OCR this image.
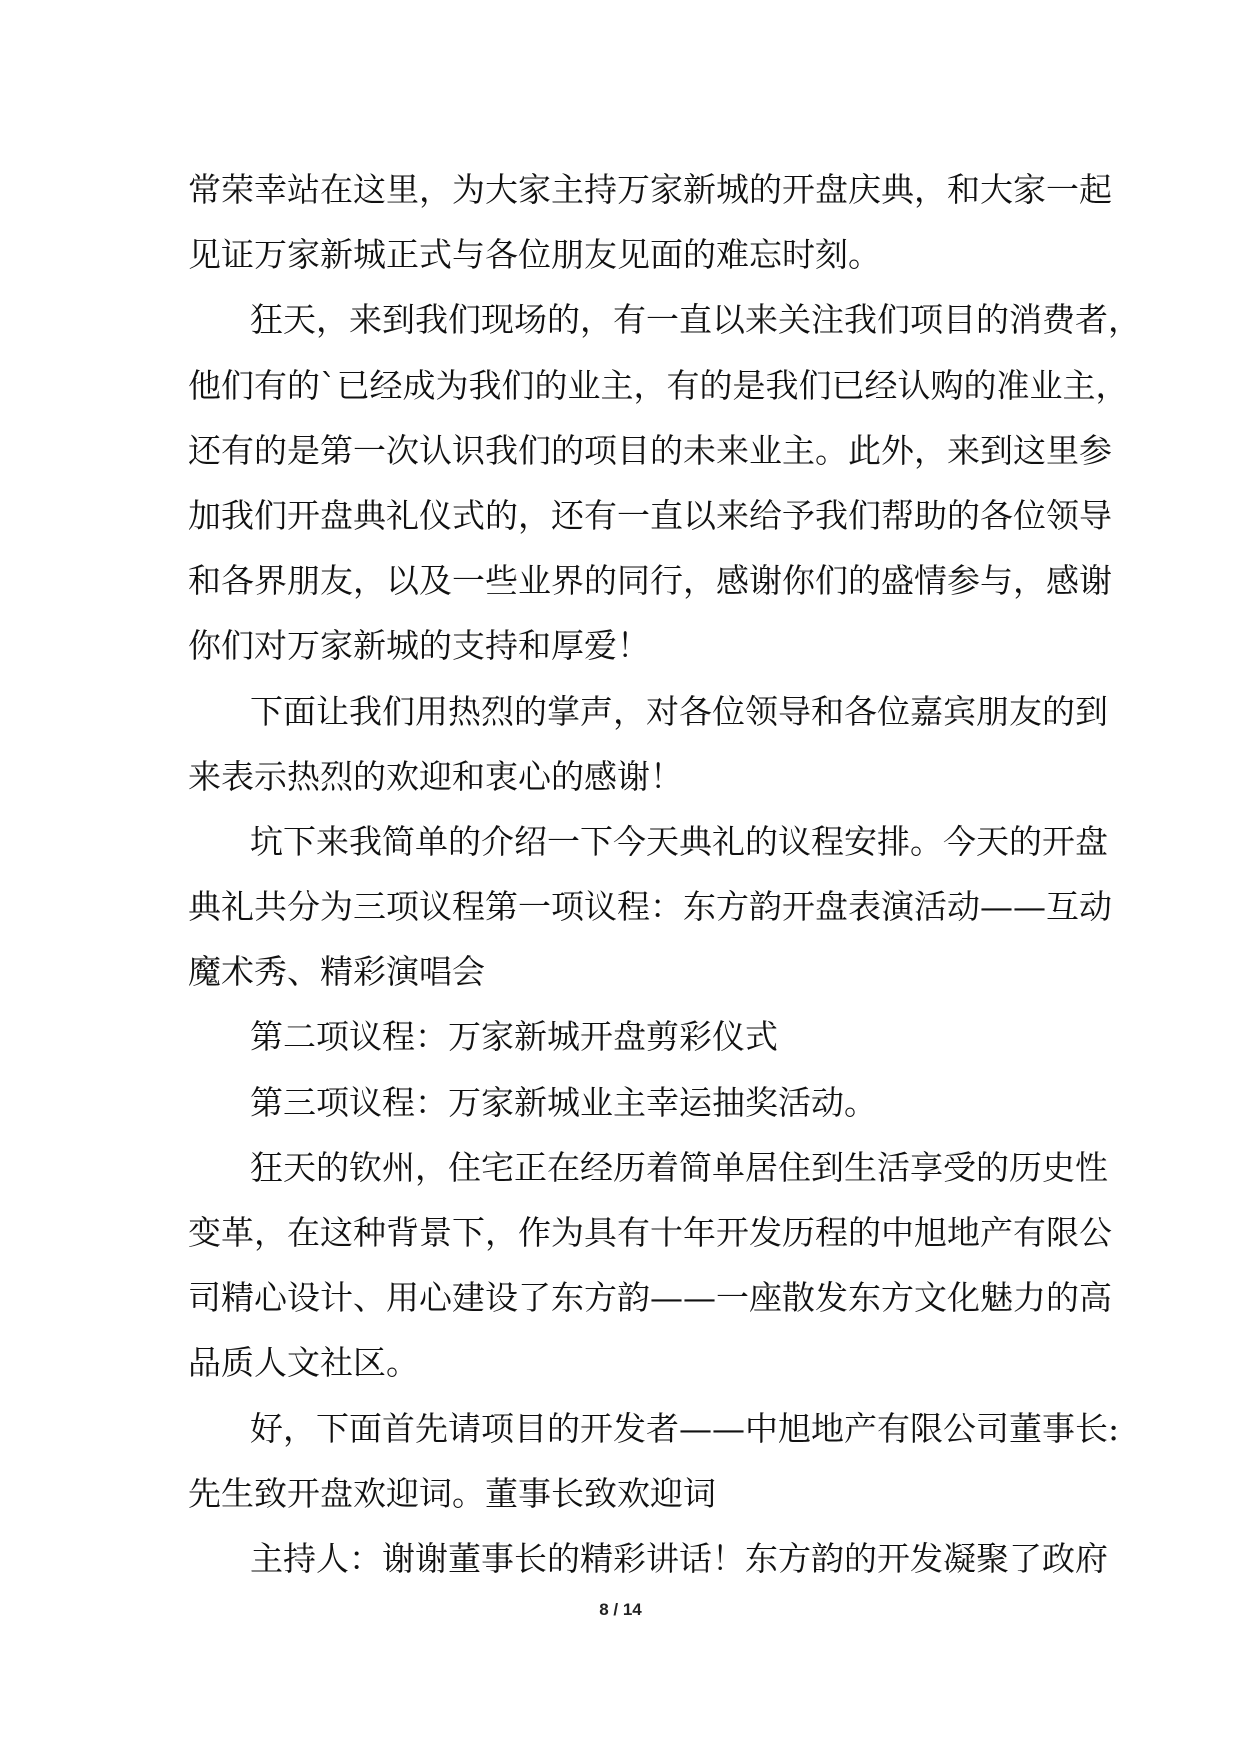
常荣幸站在这里，为大家主持万家新城的开盘庆典，和大家一起
见证万家新城正式与各位朋友见面的难忘时刻。
狂天，来到我们现场的，有一直以来关注我们项目的消费者，
他们有的`已经成为我们的业主，有的是我们已经认购的准业主，
还有的是第一次认识我们的项目的未来业主。此外，来到这里参
加我们开盘典礼仪式的，还有一直以来给予我们帮助的各位领导
和各界朋友，以及一些业界的同行，感谢你们的盛情参与，感谢
你们对万家新城的支持和厚爱！
下面让我们用热烈的掌声，对各位领导和各位嘉宾朋友的到
来表示热烈的欢迎和衷心的感谢！
坑下来我简单的介绍一下今天典礼的议程安排。今天的开盘
典礼共分为三项议程第一项议程：东方韵开盘表演活动——互动
魔术秀、精彩演唱会
第二项议程：万家新城开盘剪彩仪式
第三项议程：万家新城业主幸运抽奖活动。
狂天的钦州，住宅正在经历着简单居住到生活享受的历史性
变革，在这种背景下，作为具有十年开发历程的中旭地产有限公
司精心设计、用心建设了东方韵——一座散发东方文化魅力的高
品质人文社区。
好，下面首先请项目的开发者——中旭地产有限公司董事长:
先生致开盘欢迎词。董事长致欢迎词
主持人：谢谢董事长的精彩讲话！东方韵的开发凝聚了政府
8 / 14
